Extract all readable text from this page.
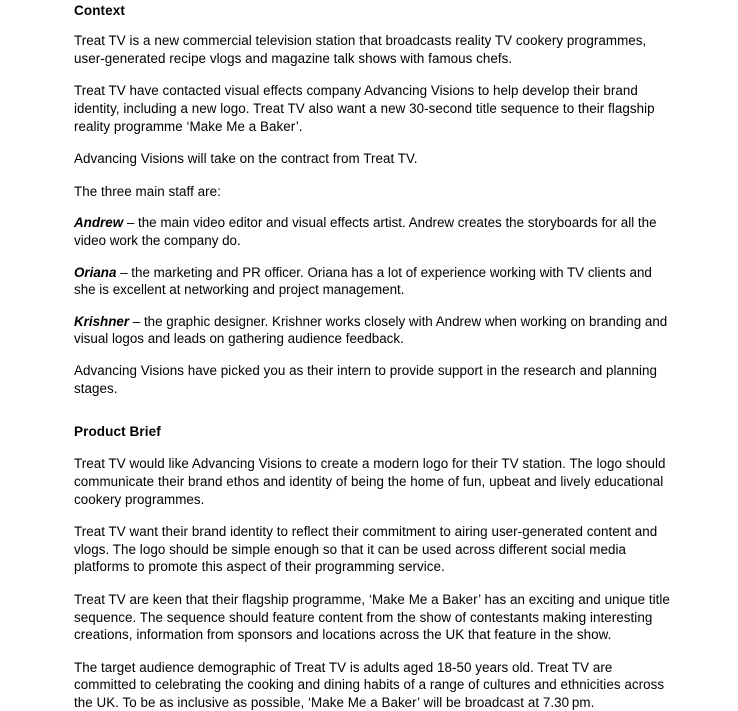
Context

Treat TV is a new commercial television station that broadcasts reality TV cookery programmes, user-generated recipe vlogs and magazine talk shows with famous chefs.

Treat TV have contacted visual effects company Advancing Visions to help develop their brand identity, including a new logo. Treat TV also want a new 30-second title sequence to their flagship reality programme ‘Make Me a Baker’.

Advancing Visions will take on the contract from Treat TV.

The three main staff are:

Andrew – the main video editor and visual effects artist. Andrew creates the storyboards for all the video work the company do.

Oriana – the marketing and PR officer. Oriana has a lot of experience working with TV clients and she is excellent at networking and project management.

Krishner – the graphic designer. Krishner works closely with Andrew when working on branding and visual logos and leads on gathering audience feedback.

Advancing Visions have picked you as their intern to provide support in the research and planning stages.

Product Brief

Treat TV would like Advancing Visions to create a modern logo for their TV station. The logo should communicate their brand ethos and identity of being the home of fun, upbeat and lively educational cookery programmes.

Treat TV want their brand identity to reflect their commitment to airing user-generated content and vlogs. The logo should be simple enough so that it can be used across different social media platforms to promote this aspect of their programming service.

Treat TV are keen that their flagship programme, ‘Make Me a Baker’ has an exciting and unique title sequence. The sequence should feature content from the show of contestants making interesting creations, information from sponsors and locations across the UK that feature in the show.

The target audience demographic of Treat TV is adults aged 18-50 years old. Treat TV are committed to celebrating the cooking and dining habits of a range of cultures and ethnicities across the UK. To be as inclusive as possible, ‘Make Me a Baker’ will be broadcast at 7.30 pm.
